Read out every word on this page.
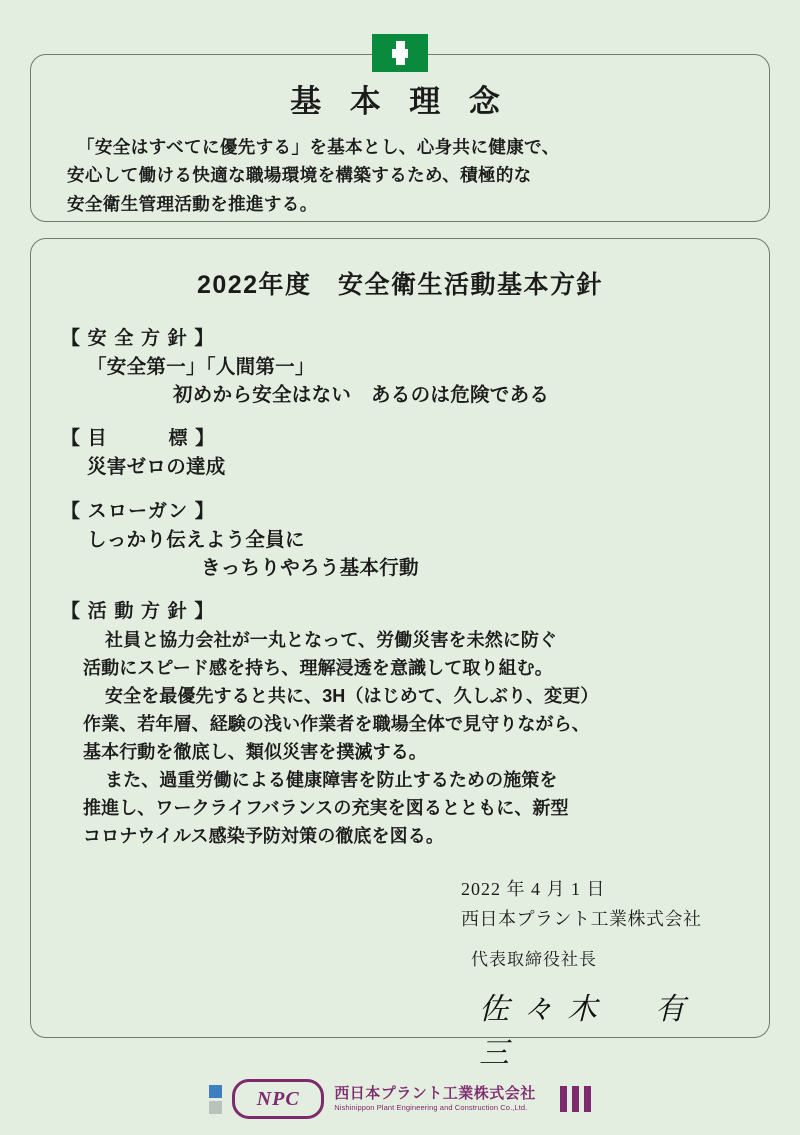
基 本 理 念
「安全はすべてに優先する」を基本とし、心身共に健康で、
安心して働ける快適な職場環境を構築するため、積極的な
安全衛生管理活動を推進する。
2022年度　安全衛生活動基本方針
【 安 全 方 針 】
「安全第一」「人間第一」
初めから安全はない　あるのは危険である
【 目　　　標 】
災害ゼロの達成
【 スローガン 】
しっかり伝えよう全員に
きっちりやろう基本行動
【 活 動 方 針 】

社員と協力会社が一丸となって、労働災害を未然に防ぐ

活動にスピード感を持ち、理解浸透を意識して取り組む。

安全を最優先すると共に、3H（はじめて、久しぶり、変更）

作業、若年層、経験の浅い作業者を職場全体で見守りながら、

基本行動を徹底し、類似災害を撲滅する。

また、過重労働による健康障害を防止するための施策を

推進し、ワークライフバランスの充実を図るとともに、新型

コロナウイルス感染予防対策の徹底を図る。

2022 年 4 月 1 日
西日本プラント工業株式会社
代表取締役社長
佐々木　有三
NPC	西日本プラント工業株式会社
Nishinippon Plant Engineering and Construction Co.,Ltd.
